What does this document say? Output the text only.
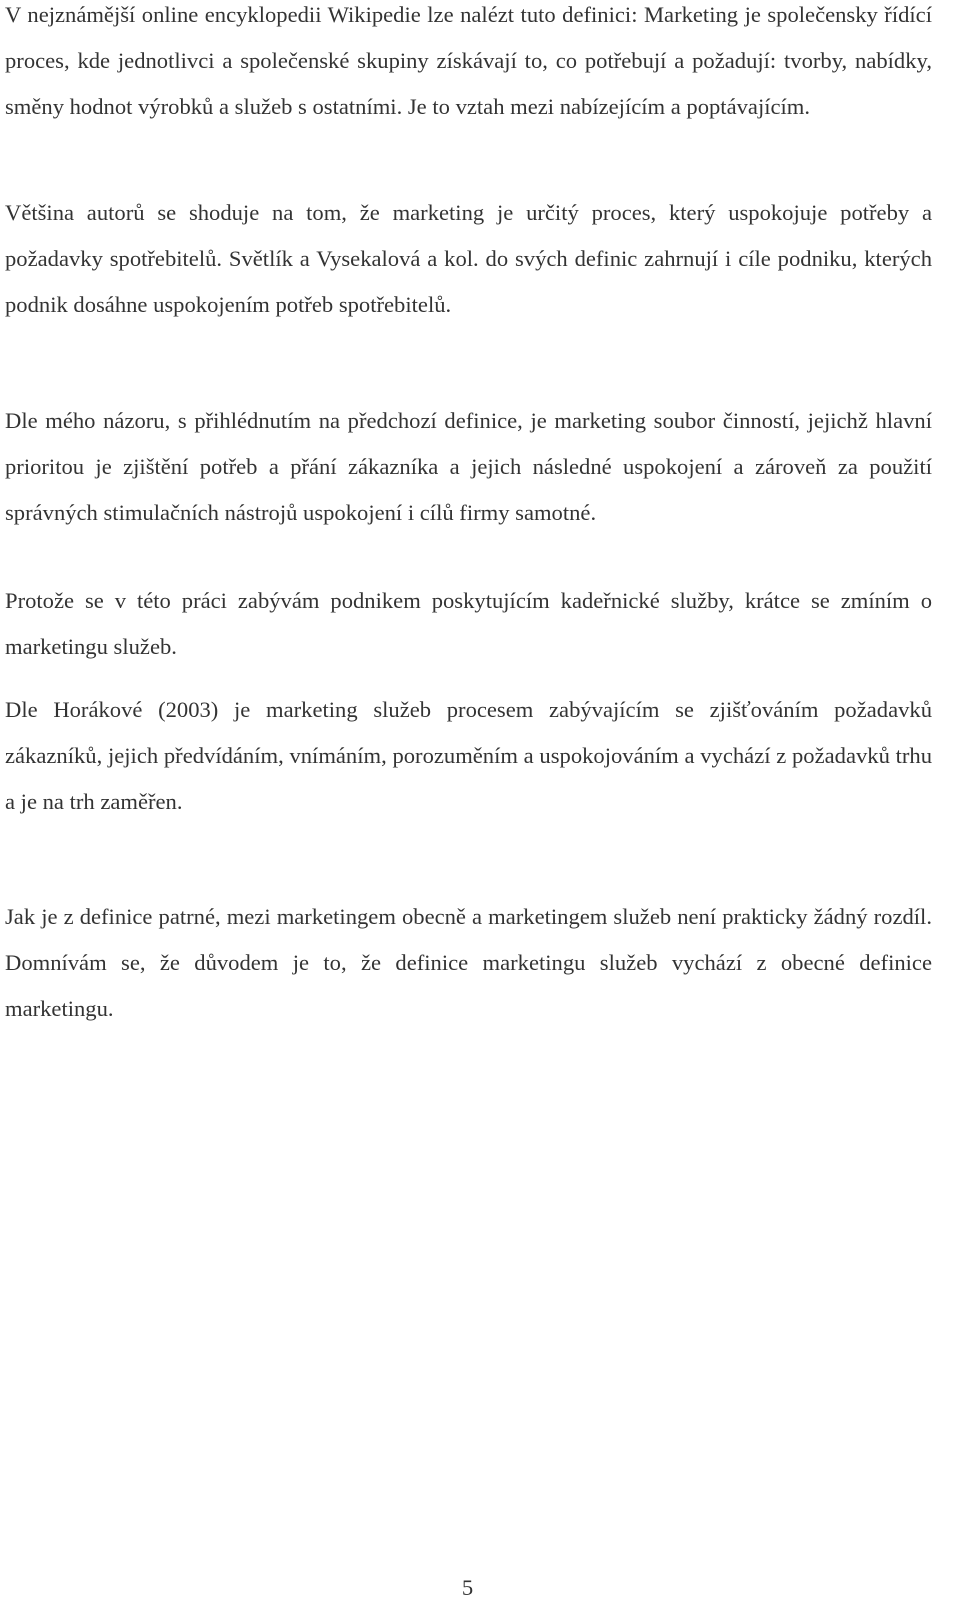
V nejznámější online encyklopedii Wikipedie lze nalézt tuto definici: Marketing je společensky řídící proces, kde jednotlivci a společenské skupiny získávají to, co potřebují a požadují: tvorby, nabídky, směny hodnot výrobků a služeb s ostatními. Je to vztah mezi nabízejícím a poptávajícím.

Většina autorů se shoduje na tom, že marketing je určitý proces, který uspokojuje potřeby a požadavky spotřebitelů. Světlík a Vysekalová a kol. do svých definic zahrnují i cíle podniku, kterých podnik dosáhne uspokojením potřeb spotřebitelů.

Dle mého názoru, s přihlédnutím na předchozí definice, je marketing soubor činností, jejichž hlavní prioritou je zjištění potřeb a přání zákazníka a jejich následné uspokojení a zároveň za použití správných stimulačních nástrojů uspokojení i cílů firmy samotné.

Protože se v této práci zabývám podnikem poskytujícím kadeřnické služby, krátce se zmíním o marketingu služeb.

Dle Horákové (2003) je marketing služeb procesem zabývajícím se zjišťováním požadavků zákazníků, jejich předvídáním, vnímáním, porozuměním a uspokojováním a vychází z požadavků trhu a je na trh zaměřen.

Jak je z definice patrné, mezi marketingem obecně a marketingem služeb není prakticky žádný rozdíl. Domnívám se, že důvodem je to, že definice marketingu služeb vychází z obecné definice marketingu.

5
